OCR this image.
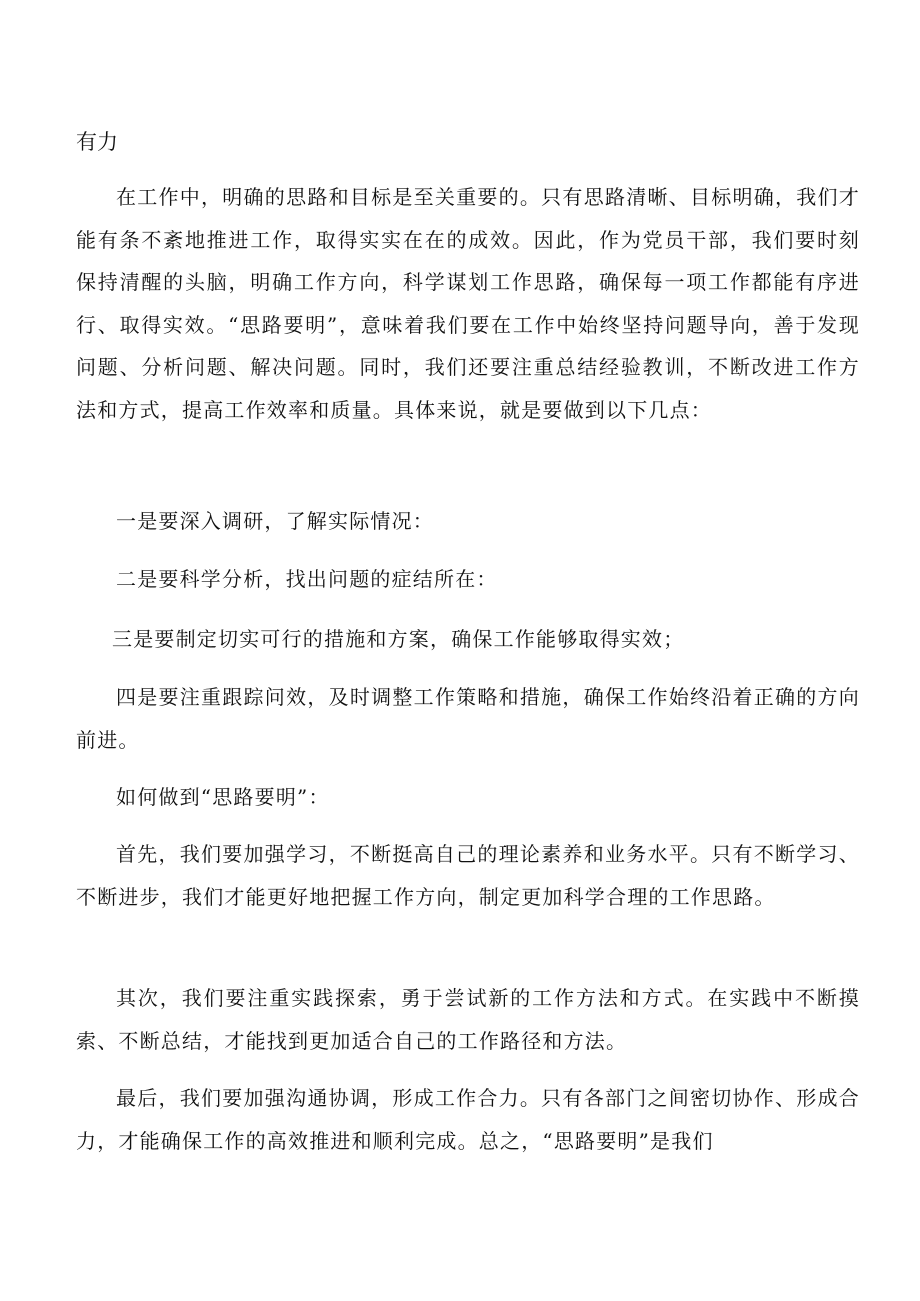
有力

在工作中，明确的思路和目标是至关重要的。只有思路清晰、目标明确，我们才能有条不紊地推进工作，取得实实在在的成效。因此，作为党员干部，我们要时刻保持清醒的头脑，明确工作方向，科学谋划工作思路，确保每一项工作都能有序进行、取得实效。“思路要明”，意味着我们要在工作中始终坚持问题导向，善于发现问题、分析问题、解决问题。同时，我们还要注重总结经验教训，不断改进工作方法和方式，提高工作效率和质量。具体来说，就是要做到以下几点：

一是要深入调研，了解实际情况：

二是要科学分析，找出问题的症结所在：

三是要制定切实可行的措施和方案，确保工作能够取得实效；

四是要注重跟踪问效，及时调整工作策略和措施，确保工作始终沿着正确的方向前进。

如何做到“思路要明”：

首先，我们要加强学习，不断挺高自己的理论素养和业务水平。只有不断学习、不断进步，我们才能更好地把握工作方向，制定更加科学合理的工作思路。

其次，我们要注重实践探索，勇于尝试新的工作方法和方式。在实践中不断摸索、不断总结，才能找到更加适合自己的工作路径和方法。

最后，我们要加强沟通协调，形成工作合力。只有各部门之间密切协作、形成合力，才能确保工作的高效推进和顺利完成。总之，“思路要明”是我们
